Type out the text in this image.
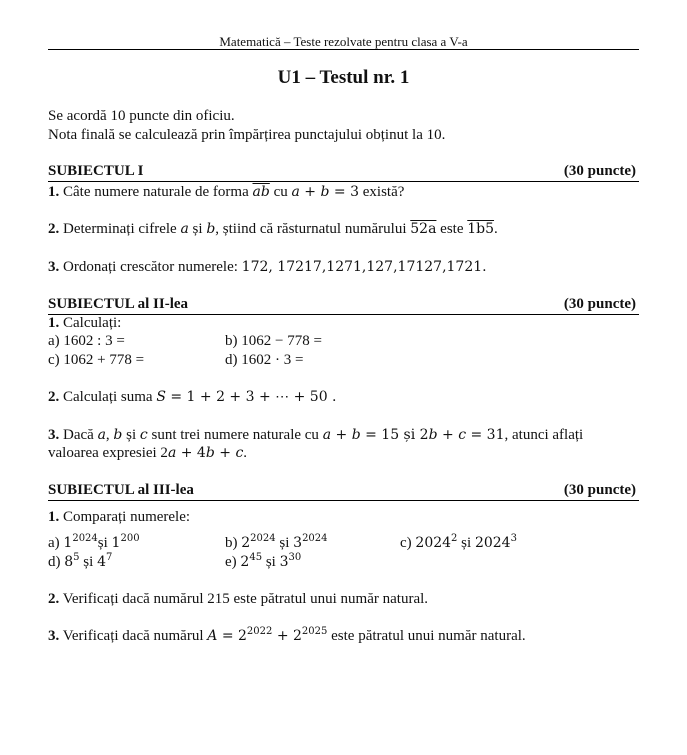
Matematică – Teste rezolvate pentru clasa a V-a
U1 – Testul nr. 1
Se acordă 10 puncte din oficiu.
Nota finală se calculează prin împărțirea punctajului obținut la 10.
SUBIECTUL I	(30 puncte)
1. Câte numere naturale de forma $\overline{ab}$ cu a + b = 3 există?
2. Determinați cifrele a și b, știind că răsturnatul numărului 52a este 1b5.
3. Ordonați crescător numerele: 172, 17217,1271,127,17127,1721.
SUBIECTUL al II-lea	(30 puncte)
1. Calculați:
a) 1602 : 3 =	b) 1062 − 778 =
c) 1062 + 778 =	d) 1602 · 3 =
2. Calculați suma S = 1 + 2 + 3 + ⋯ + 50 .
3. Dacă a, b și c sunt trei numere naturale cu a + b = 15 și 2b + c = 31, atunci aflați
valoarea expresiei 2a + 4b + c.
SUBIECTUL al III-lea	(30 puncte)
1. Comparați numerele:
a) $1^{2024}și$ $1^{200}$	b) $2^{2024}$ și $3^{2024}$	c) 2024$^2$ și 2024$^3$
d) $8^5$ și $4^7$	e) $2^{45}$ și $3^{30}$
2. Verificați dacă numărul 215 este pătratul unui număr natural.
3. Verificați dacă numărul $A = 2^{2022} + 2^{2025}$ este pătratul unui număr natural.
